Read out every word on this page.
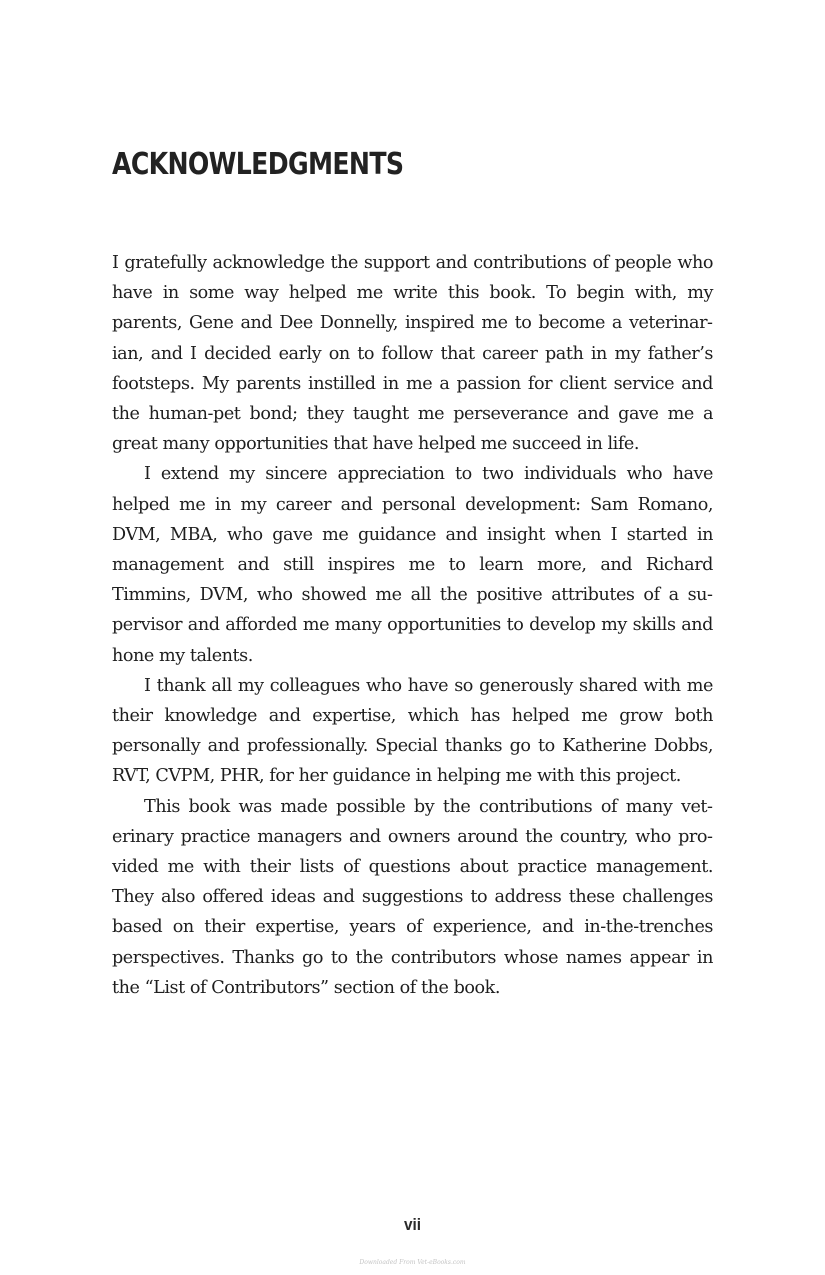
ACKNOWLEDGMENTS

I gratefully acknowledge the support and contributions of people who have in some way helped me write this book. To begin with, my parents, Gene and Dee Donnelly, inspired me to become a veterinarian, and I decided early on to follow that career path in my father’s footsteps. My parents instilled in me a passion for client service and the human-pet bond; they taught me perseverance and gave me a great many opportunities that have helped me succeed in life.

I extend my sincere appreciation to two individuals who have helped me in my career and personal development: Sam Romano, DVM, MBA, who gave me guidance and insight when I started in management and still inspires me to learn more, and Richard Timmins, DVM, who showed me all the positive attributes of a supervisor and afforded me many opportunities to develop my skills and hone my talents.

I thank all my colleagues who have so generously shared with me their knowledge and expertise, which has helped me grow both personally and professionally. Special thanks go to Katherine Dobbs, RVT, CVPM, PHR, for her guidance in helping me with this project.

This book was made possible by the contributions of many veterinary practice managers and owners around the country, who provided me with their lists of questions about practice management. They also offered ideas and suggestions to address these challenges based on their expertise, years of experience, and in-the-trenches perspectives. Thanks go to the contributors whose names appear in the “List of Contributors” section of the book.

vii
Downloaded From Vet-eBooks.com
